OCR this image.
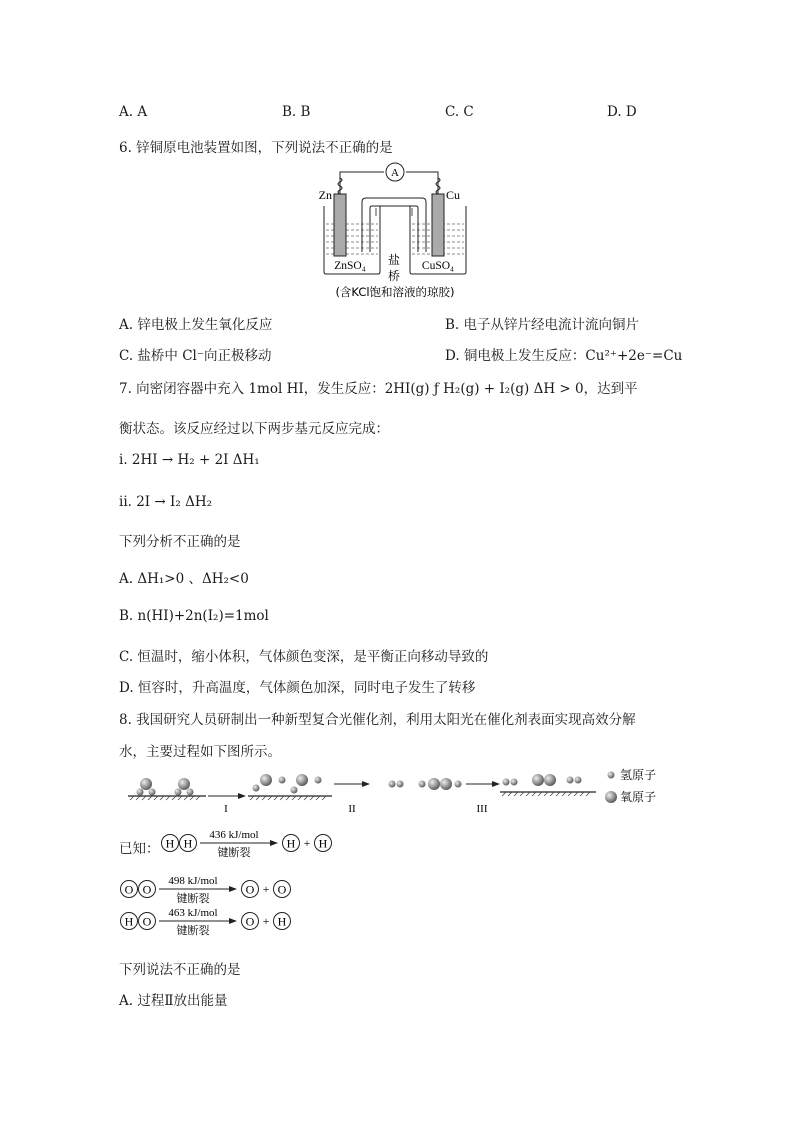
A. A	B. B	C. C	D. D
6. 锌铜原电池装置如图，下列说法不正确的是
A
Zn	Cu
盐
桥
ZnSO₄	CuSO₄
(含KCl饱和溶液的琼胶)
A. 锌电极上发生氧化反应	B. 电子从锌片经电流计流向铜片
C. 盐桥中 Cl⁻向正极移动	D. 铜电极上发生反应：Cu²⁺+2e⁻=Cu
7. 向密闭容器中充入 1mol HI，发生反应：2HI(g) ƒ H₂(g) + I₂(g) ΔH > 0，达到平
衡状态。该反应经过以下两步基元反应完成：
i. 2HI → H₂ + 2I ΔH₁
ii. 2I → I₂ ΔH₂
下列分析不正确的是
A. ΔH₁>0 、ΔH₂<0
B. n(HI)+2n(I₂)=1mol
C. 恒温时，缩小体积，气体颜色变深，是平衡正向移动导致的
D. 恒容时，升高温度，气体颜色加深，同时电子发生了转移
8. 我国研究人员研制出一种新型复合光催化剂，利用太阳光在催化剂表面实现高效分解
水，主要过程如下图所示。
I	II	III
氢原子
氧原子
已知： H H
436 kJ/mol
键断裂
H + H
O O
498 kJ/mol
键断裂
O + O
H O
463 kJ/mol
键断裂
O + H
下列说法不正确的是
A. 过程Ⅱ放出能量
